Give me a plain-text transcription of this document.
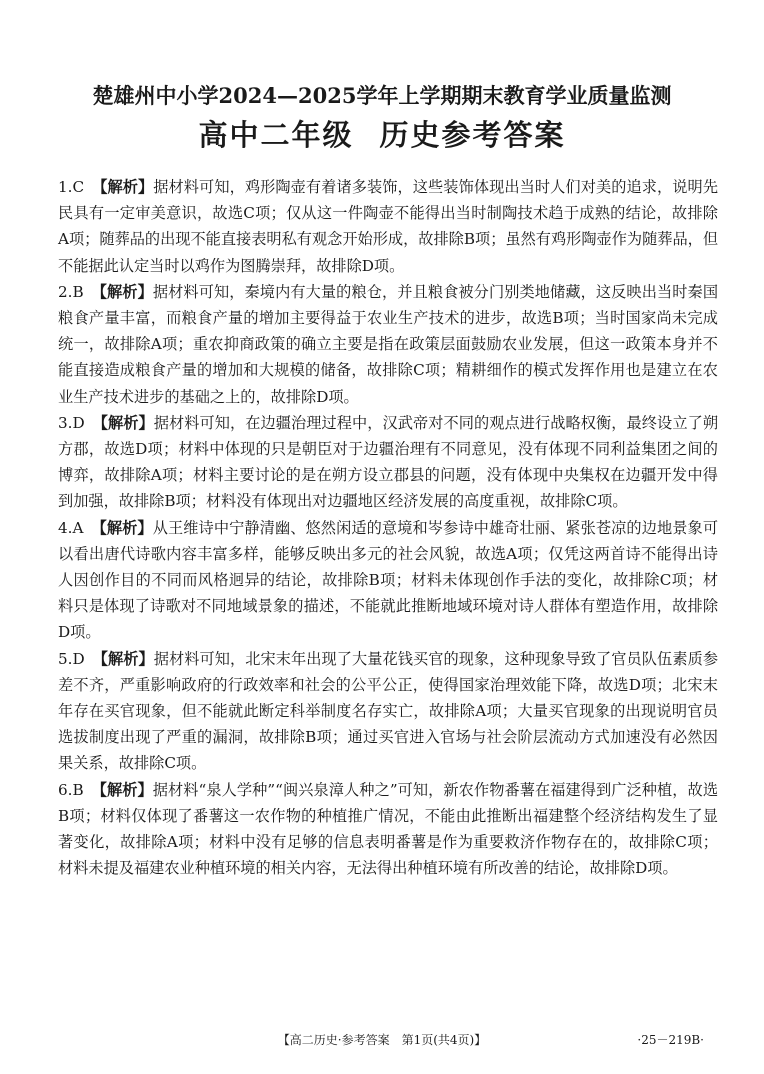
楚雄州中小学2024—2025学年上学期期末教育学业质量监测
高中二年级 历史参考答案
1.C 【解析】据材料可知，鸡形陶壶有着诸多装饰，这些装饰体现出当时人们对美的追求，说明先民具有一定审美意识，故选C项；仅从这一件陶壶不能得出当时制陶技术趋于成熟的结论，故排除A项；随葬品的出现不能直接表明私有观念开始形成，故排除B项；虽然有鸡形陶壶作为随葬品，但不能据此认定当时以鸡作为图腾崇拜，故排除D项。
2.B 【解析】据材料可知，秦境内有大量的粮仓，并且粮食被分门别类地储藏，这反映出当时秦国粮食产量丰富，而粮食产量的增加主要得益于农业生产技术的进步，故选B项；当时国家尚未完成统一，故排除A项；重农抑商政策的确立主要是指在政策层面鼓励农业发展，但这一政策本身并不能直接造成粮食产量的增加和大规模的储备，故排除C项；精耕细作的模式发挥作用也是建立在农业生产技术进步的基础之上的，故排除D项。
3.D 【解析】据材料可知，在边疆治理过程中，汉武帝对不同的观点进行战略权衡，最终设立了朔方郡，故选D项；材料中体现的只是朝臣对于边疆治理有不同意见，没有体现不同利益集团之间的博弈，故排除A项；材料主要讨论的是在朔方设立郡县的问题，没有体现中央集权在边疆开发中得到加强，故排除B项；材料没有体现出对边疆地区经济发展的高度重视，故排除C项。
4.A 【解析】从王维诗中宁静清幽、悠然闲适的意境和岑参诗中雄奇壮丽、紧张苍凉的边地景象可以看出唐代诗歌内容丰富多样，能够反映出多元的社会风貌，故选A项；仅凭这两首诗不能得出诗人因创作目的不同而风格迥异的结论，故排除B项；材料未体现创作手法的变化，故排除C项；材料只是体现了诗歌对不同地域景象的描述，不能就此推断地域环境对诗人群体有塑造作用，故排除D项。
5.D 【解析】据材料可知，北宋末年出现了大量花钱买官的现象，这种现象导致了官员队伍素质参差不齐，严重影响政府的行政效率和社会的公平公正，使得国家治理效能下降，故选D项；北宋末年存在买官现象，但不能就此断定科举制度名存实亡，故排除A项；大量买官现象的出现说明官员选拔制度出现了严重的漏洞，故排除B项；通过买官进入官场与社会阶层流动方式加速没有必然因果关系，故排除C项。
6.B 【解析】据材料“泉人学种”“闽兴泉漳人种之”可知，新农作物番薯在福建得到广泛种植，故选B项；材料仅体现了番薯这一农作物的种植推广情况，不能由此推断出福建整个经济结构发生了显著变化，故排除A项；材料中没有足够的信息表明番薯是作为重要救济作物存在的，故排除C项；材料未提及福建农业种植环境的相关内容，无法得出种植环境有所改善的结论，故排除D项。
【高二历史·参考答案　第1页(共4页)】	·25－219B·
